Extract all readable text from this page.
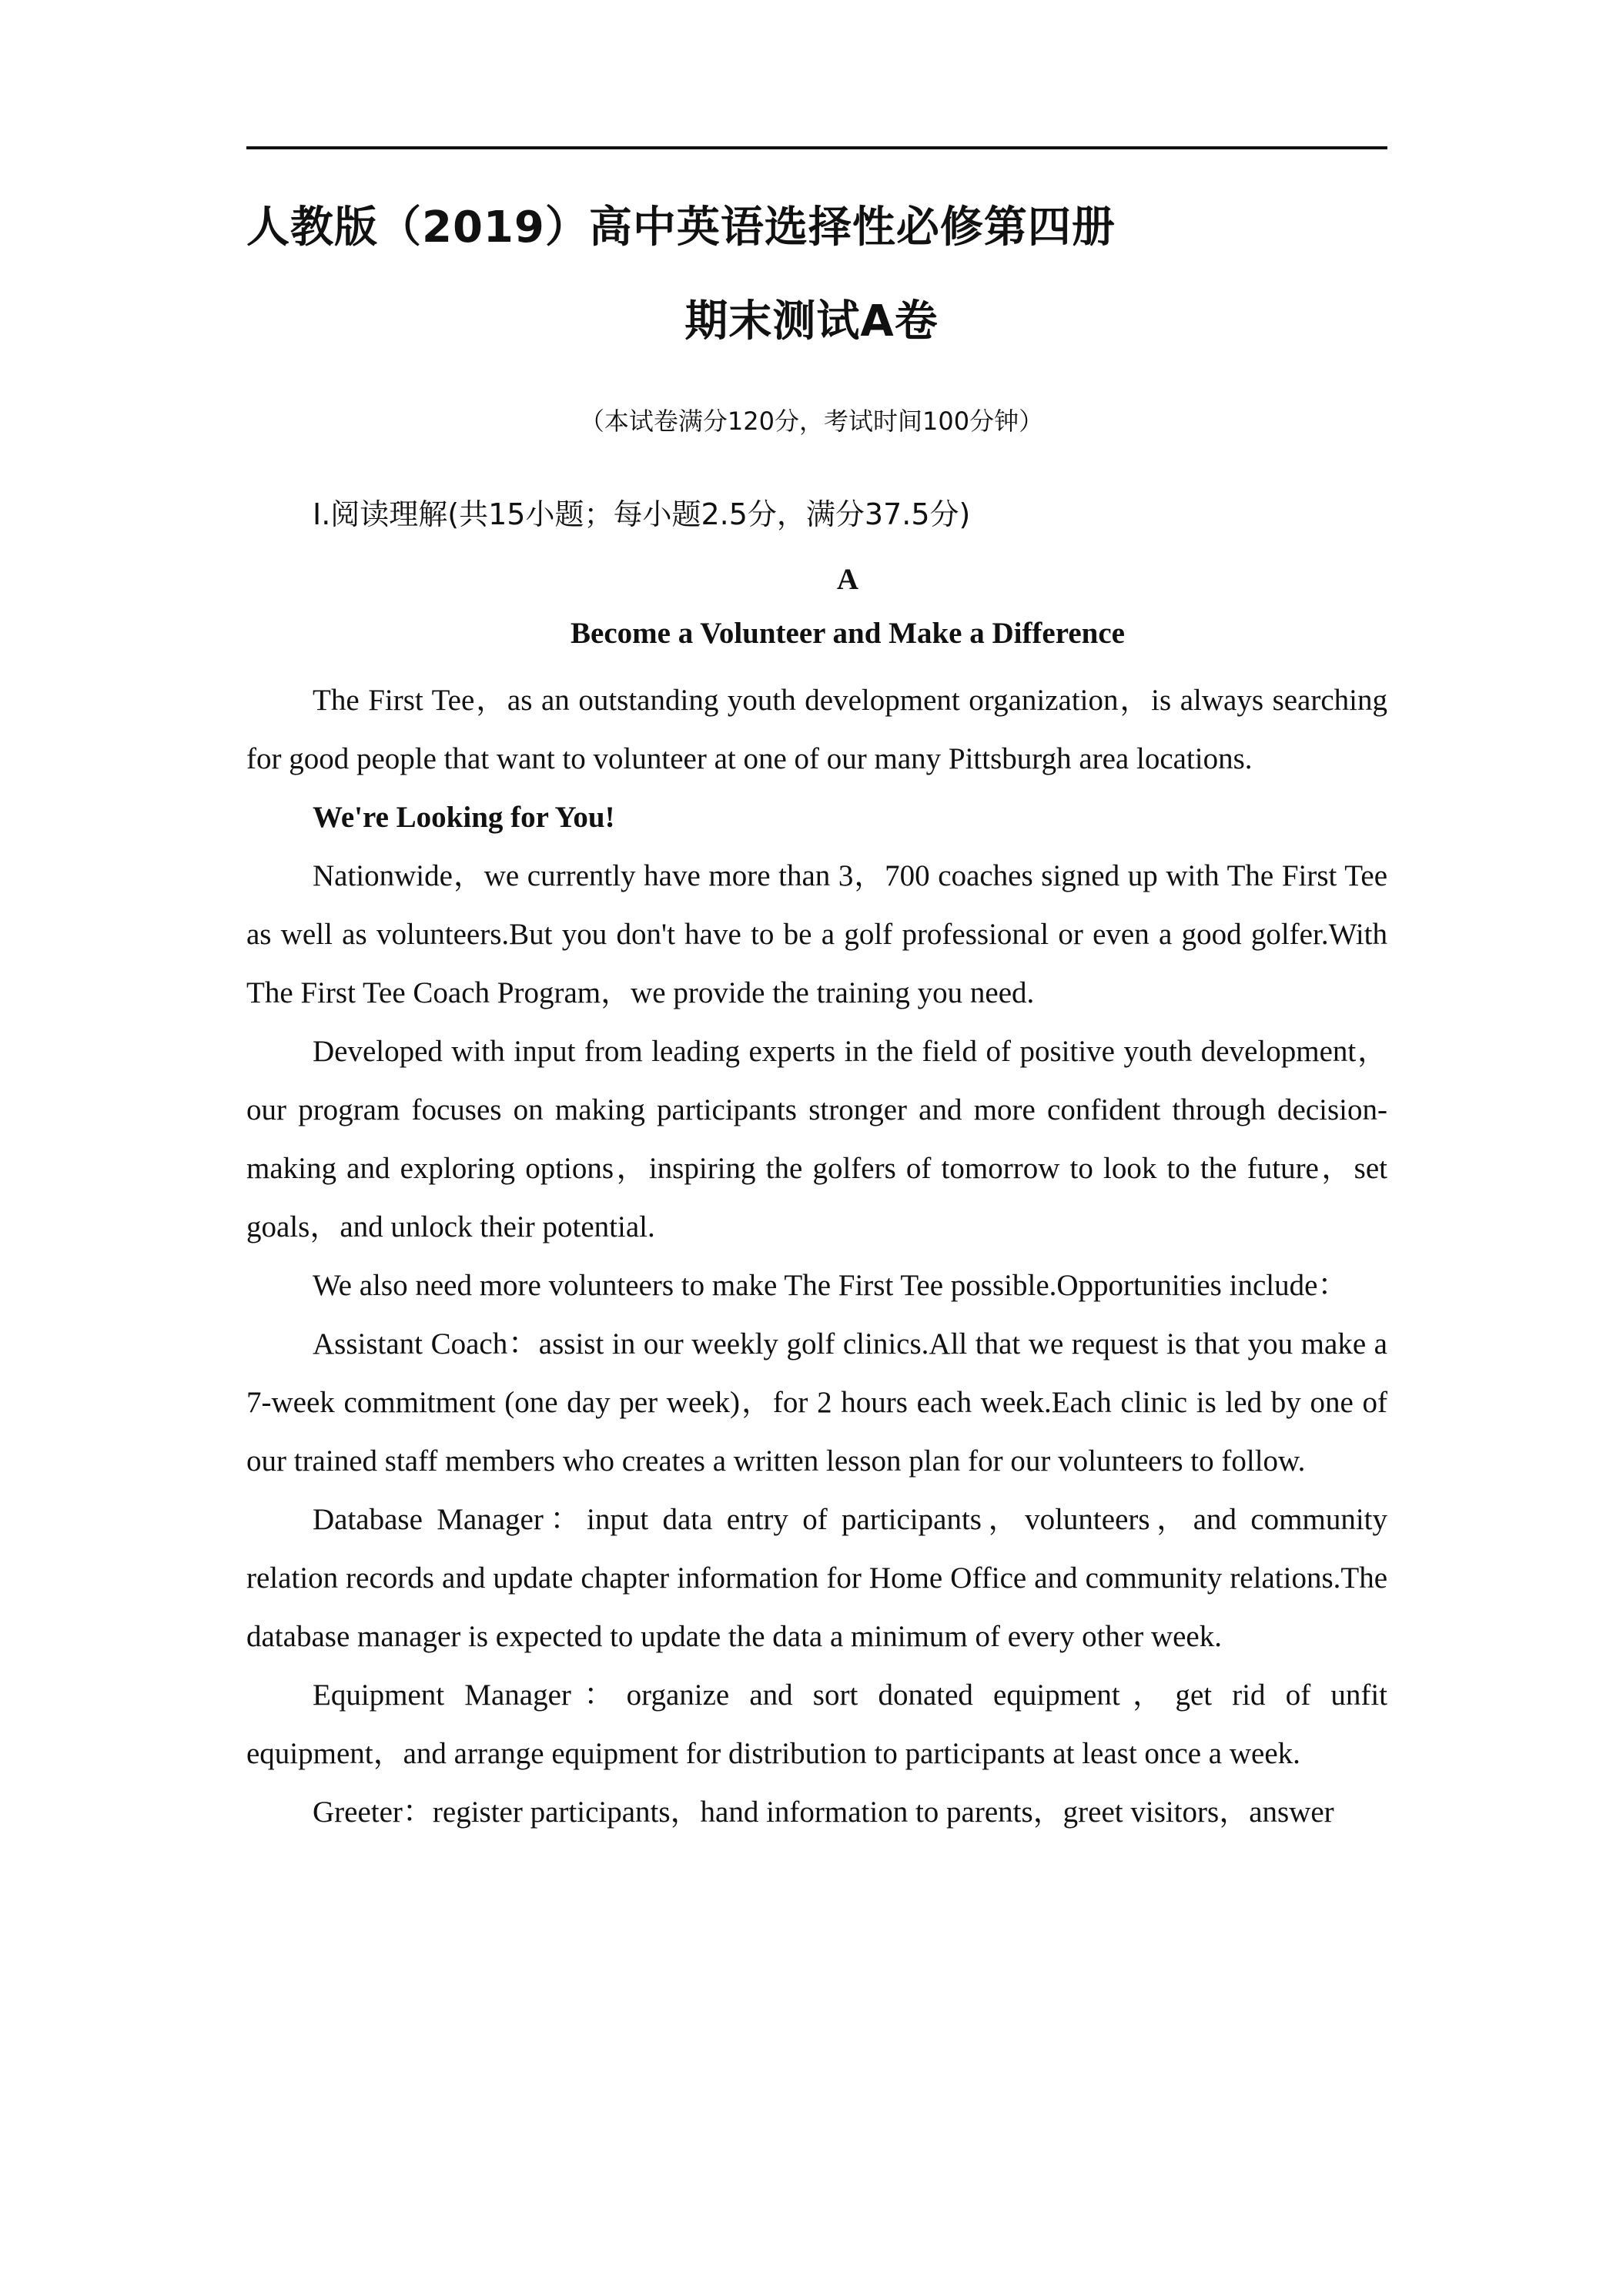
人教版（2019）高中英语选择性必修第四册
期末测试A卷
（本试卷满分120分，考试时间100分钟）
Ⅰ.阅读理解(共15小题；每小题2.5分，满分37.5分)
A
Become a Volunteer and Make a Difference

The First Tee，as an outstanding youth development organization，is always searching for good people that want to volunteer at one of our many Pittsburgh area locations.

We're Looking for You!

Nationwide，we currently have more than 3，700 coaches signed up with The First Tee as well as volunteers.But you don't have to be a golf professional or even a good golfer.With The First Tee Coach Program，we provide the training you need.

Developed with input from leading experts in the field of positive youth development，our program focuses on making participants stronger and more confident through decision-making and exploring options，inspiring the golfers of tomorrow to look to the future，set goals，and unlock their potential.

We also need more volunteers to make The First Tee possible.Opportunities include：

Assistant Coach：assist in our weekly golf clinics.All that we request is that you make a 7-week commitment (one day per week)，for 2 hours each week.Each clinic is led by one of our trained staff members who creates a written lesson plan for our volunteers to follow.

Database Manager：input data entry of participants，volunteers，and community relation records and update chapter information for Home Office and community relations.The database manager is expected to update the data a minimum of every other week.

Equipment Manager：organize and sort donated equipment，get rid of unfit equipment，and arrange equipment for distribution to participants at least once a week.

Greeter：register participants，hand information to parents，greet visitors，answer
